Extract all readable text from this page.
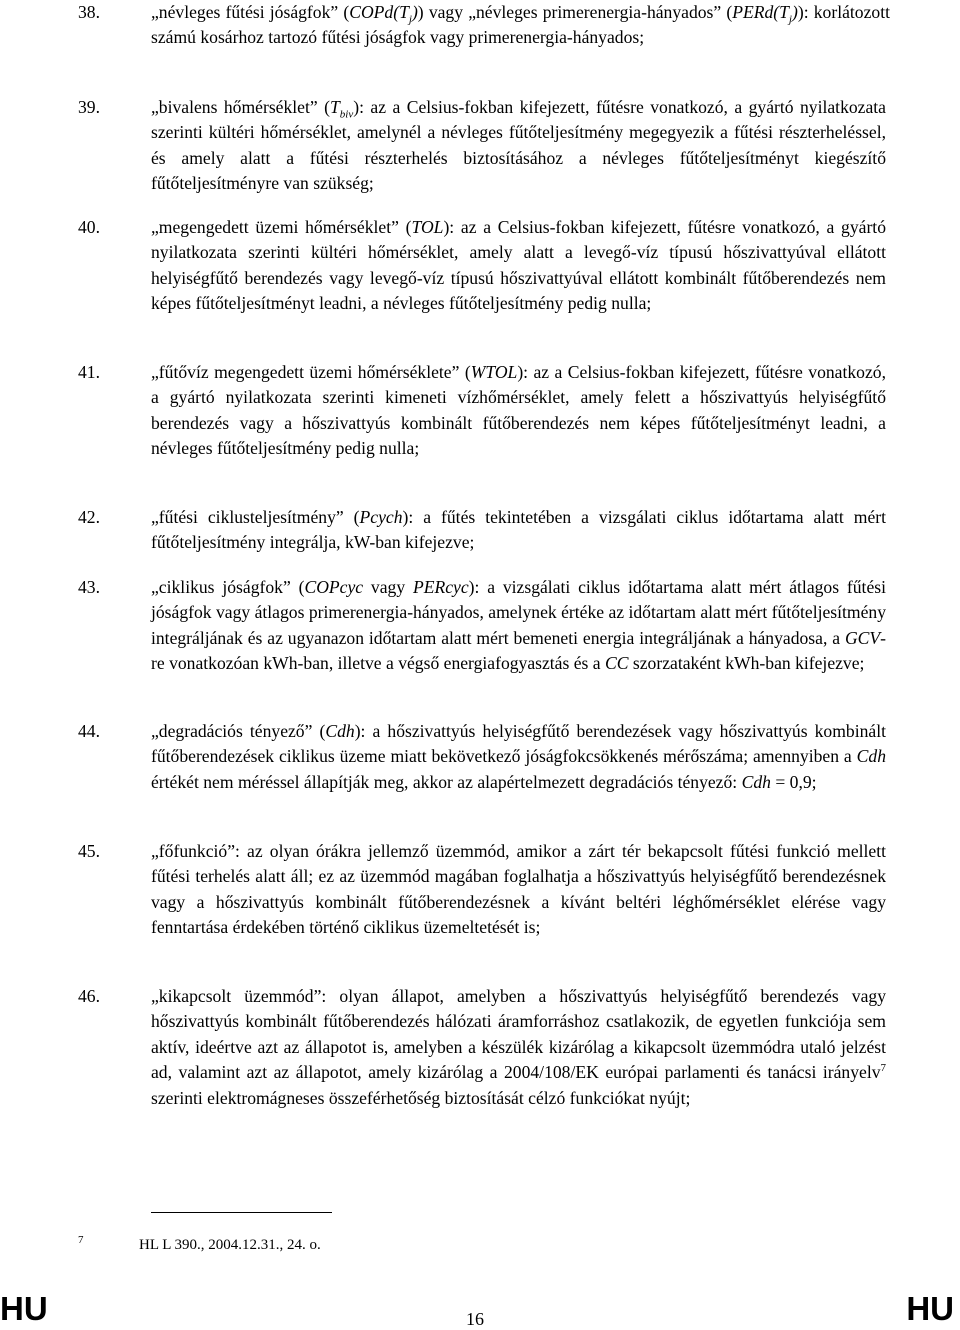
38.	„névleges fűtési jóságfok” $(COPd(T_j))$ vagy „névleges primerenergia-hányados” $(PERd(T_j))$: korlátozott számú kosárhoz tartozó fűtési jóságfok vagy primerenergia-hányados;
39.	„bivalens hőmérséklet” $(T_{biv})$: az a Celsius-fokban kifejezett, fűtésre vonatkozó, a gyártó nyilatkozata szerinti kültéri hőmérséklet, amelynél a névleges fűtőteljesítmény megegyezik a fűtési részterheléssel, és amely alatt a fűtési részterhelés biztosításához a névleges fűtőteljesítményt kiegészítő fűtőteljesítményre van szükség;
40.	„megengedett üzemi hőmérséklet” (TOL): az a Celsius-fokban kifejezett, fűtésre vonatkozó, a gyártó nyilatkozata szerinti kültéri hőmérséklet, amely alatt a levegő-víz típusú hőszivattyúval ellátott helyiségfűtő berendezés vagy levegő-víz típusú hőszivattyúval ellátott kombinált fűtőberendezés nem képes fűtőteljesítményt leadni, a névleges fűtőteljesítmény pedig nulla;
41.	„fűtővíz megengedett üzemi hőmérséklete” (WTOL): az a Celsius-fokban kifejezett, fűtésre vonatkozó, a gyártó nyilatkozata szerinti kimeneti vízhőmérséklet, amely felett a hőszivattyús helyiségfűtő berendezés vagy a hőszivattyús kombinált fűtőberendezés nem képes fűtőteljesítményt leadni, a névleges fűtőteljesítmény pedig nulla;
42.	„fűtési ciklusteljesítmény” (Pcych): a fűtés tekintetében a vizsgálati ciklus időtartama alatt mért fűtőteljesítmény integrálja, kW-ban kifejezve;
43.	„ciklikus jóságfok” (COPcyc vagy PERcyc): a vizsgálati ciklus időtartama alatt mért átlagos fűtési jóságfok vagy átlagos primerenergia-hányados, amelynek értéke az időtartam alatt mért fűtőteljesítmény integráljának és az ugyanazon időtartam alatt mért bemeneti energia integráljának a hányadosa, a GCV-re vonatkozóan kWh-ban, illetve a végső energiafogyasztás és a CC szorzataként kWh-ban kifejezve;
44.	„degradációs tényező” (Cdh): a hőszivattyús helyiségfűtő berendezések vagy hőszivattyús kombinált fűtőberendezések ciklikus üzeme miatt bekövetkező jóságfokcsökkenés mérőszáma; amennyiben a Cdh értékét nem méréssel állapítják meg, akkor az alapértelmezett degradációs tényező: Cdh = 0,9;
45.	„főfunkció”: az olyan órákra jellemző üzemmód, amikor a zárt tér bekapcsolt fűtési funkció mellett fűtési terhelés alatt áll; ez az üzemmód magában foglalhatja a hőszivattyús helyiségfűtő berendezésnek vagy a hőszivattyús kombinált fűtőberendezésnek a kívánt beltéri léghőmérséklet elérése vagy fenntartása érdekében történő ciklikus üzemeltetését is;
46.	„kikapcsolt üzemmód”: olyan állapot, amelyben a hőszivattyús helyiségfűtő berendezés vagy hőszivattyús kombinált fűtőberendezés hálózati áramforráshoz csatlakozik, de egyetlen funkciója sem aktív, ideértve azt az állapotot is, amelyben a készülék kizárólag a kikapcsolt üzemmódra utaló jelzést ad, valamint azt az állapotot, amely kizárólag a 2004/108/EK európai parlamenti és tanácsi irányelv$^7$ szerinti elektromágneses összeférhetőség biztosítását célzó funkciókat nyújt;
7	HL L 390., 2004.12.31., 24. o.
HU	16	HU
